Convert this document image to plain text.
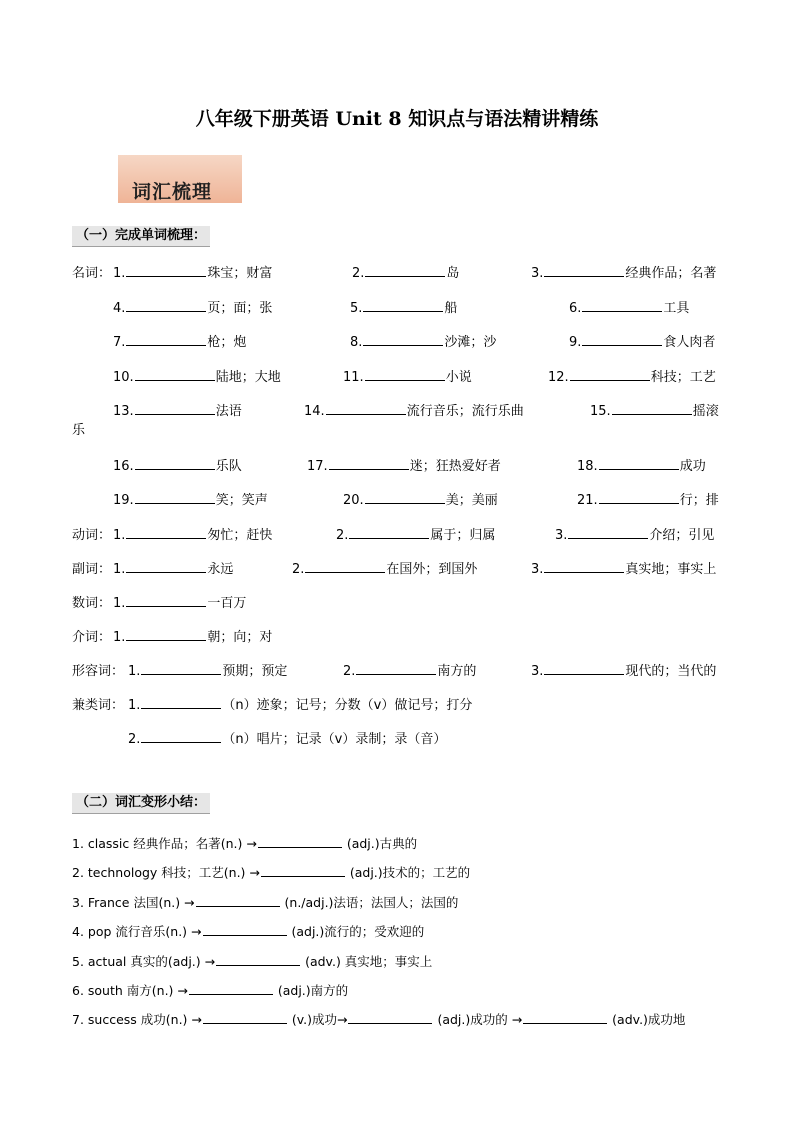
八年级下册英语 Unit 8 知识点与语法精讲精练
词汇梳理
（一）完成单词梳理：
名词： 1.	珠宝；财富	2.	岛	3.	经典作品；名著
4.	页；面；张	5.	船	6.	工具
7.	枪；炮	8.	沙滩；沙	9.	食人肉者
10.	陆地；大地	11.	小说	12.	科技；工艺
13.	法语	14.	流行音乐；流行乐曲	15.	摇滚
16.	乐队	17.	迷；狂热爱好者	18.	成功
19.	笑；笑声	20.	美；美丽	21.	行；排
乐
动词： 1.	匆忙；赶快	2.	属于；归属	3.	介绍；引见
副词： 1.	永远	2.	在国外；到国外	3.	真实地；事实上
数词： 1.	一百万
介词： 1.	朝；向；对
形容词： 1.	预期；预定	2.	南方的	3.	现代的；当代的
兼类词： 1.	（n）迹象；记号；分数（v）做记号；打分
2.	（n）唱片；记录（v）录制；录（音）
（二）词汇变形小结：
1. classic 经典作品；名著(n.) →	(adj.)古典的
2. technology 科技；工艺(n.) →	(adj.)技术的；工艺的
3. France 法国(n.) →	(n./adj.)法语；法国人；法国的
4. pop 流行音乐(n.) →	(adj.)流行的；受欢迎的
5. actual 真实的(adj.) →	(adv.) 真实地；事实上
6. south 南方(n.) →	(adj.)南方的
7. success 成功(n.) →	(v.)成功→	(adj.)成功的 →	(adv.)成功地
